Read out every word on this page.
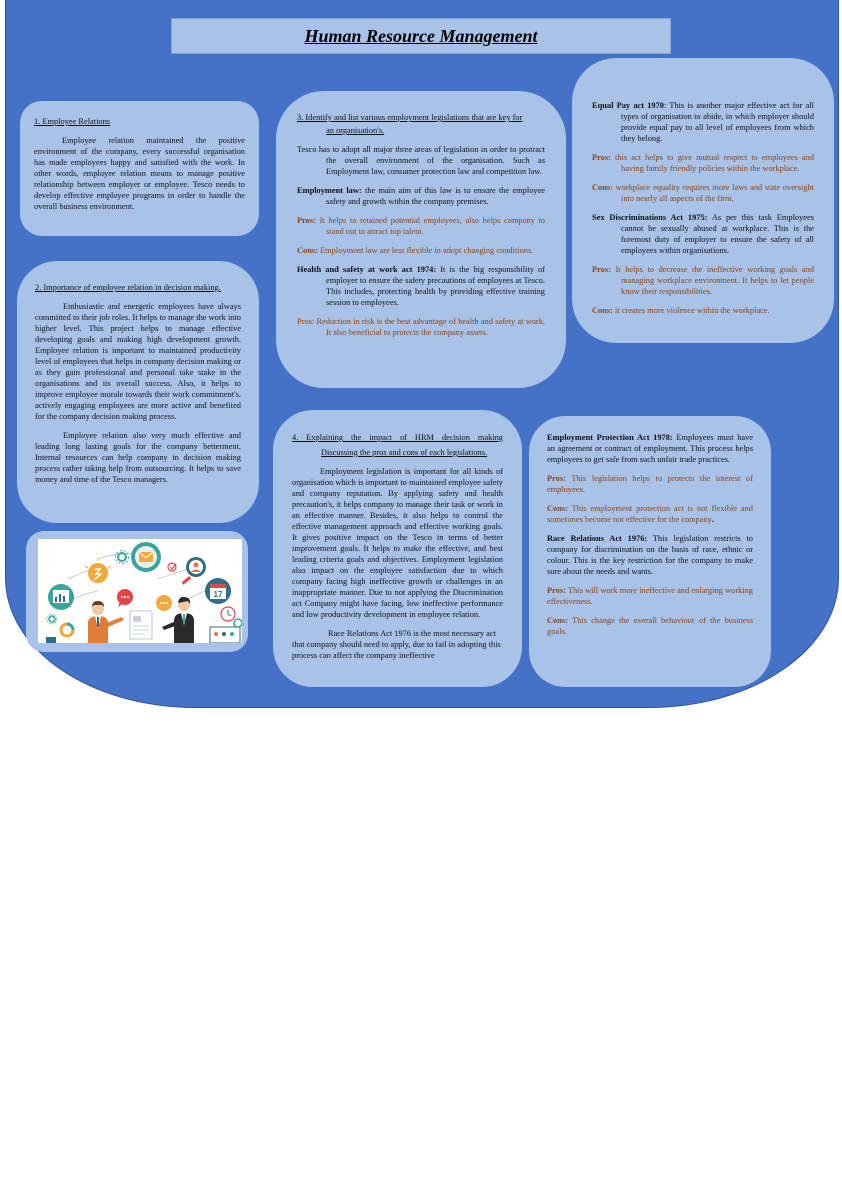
Human Resource Management
1. Employee Relations

Employee relation maintained the positive environment of the company, every successful organisation has made employees happy and satisfied with the work. In other words, employee relation means to manage positive relationship between employer or employee. Tesco needs to develop effective employee programs in order to handle the overall business environment.

2. Importance of employee relation in decision making.

Enthusiastic and energetic employees have always committed to their job roles. It helps to manage the work into higher level. This project helps to manage effective developing goals and making high development growth. Employee relation is important to maintained productivity level of employees that helps in company decision making or as they gain professional and personal take stake in the organisations and its overall success. Also, it helps to improve employee morale towards their work commitment's. actively engaging employees are more active and benefited for the company decision making process.

Employee relation also very much effective and leading long lasting goals for the company betterment. Internal resources can help company in decision making process rather taking help from outsourcing. It helps to save money and time of the Tesco managers.

3. Identify and list various employment legislations that are key for
an organisation's.

Tesco has to adopt all major three areas of legislation in order to protract the overall environment of the organisation. Such as Employment law, consumer protection law and competition law.

Employment law: the main aim of this law is to ensure the employee safety and growth within the company premises.

Pros: It helps to retained potential employees, also helps company to stand out to attract top talent.

Cons: Employment law are less flexible in adopt changing conditions.

Health and safety at work act 1974: It is the big responsibility of employer to ensure the safety precautions of employees at Tesco. This includes, protecting health by providing effective training session to employees.

Pros: Reduction in risk is the best advantage of health and safety at work. It also beneficial to protects the company assets.

Equal Pay act 1970: This is another major effective act for all types of organisation to abide, in which employer should provide equal pay to all level of employees from which they belong.

Pros: this act helps to give mutual respect to employees and having family friendly policies within the workplace.

Cons: workplace equality requires more laws and state oversight into nearly all aspects of the firm.

Sex Discriminations Act 1975: As per this task Employees cannot be sexually abused at workplace. This is the foremost duty of employer to ensure the safety of all employees within organisations.

Pros: It helps to decrease the ineffective working goals and managing workplace environment. It helps to let people know their responsibilities.

Cons: it creates more violence within the workplace.

4. Explaining the impact of HRM decision making
Discussing the pros and cons of each legislations.

Employment legislation is important for all kinds of organisation which is important to maintained employee safety and company reputation. By applying safety and health precaution's, it helps company to manage their task or work in an effective manner. Besides, it also helps to control the effective management approach and effective working goals. It gives positive impact on the Tesco in terms of better improvement goals. It helps to make the effective, and best leading criteria goals and objectives. Employment legislation also impact on the employee satisfaction due to which company facing high ineffective growth or challenges in an inappropriate manner. Due to not applying the Discrimination act Company might have facing, low ineffective performance and low productivity development in employee relation.

Race Relations Act 1976 is the most necessary act that company should need to apply, due to fail in adopting this process can affect the company ineffective

Employment Protection Act 1978: Employees must have an agreement or contract of employment. This process helps employees to get safe from such unfair trade practices.

Pros: This legislation helps to protects the interest of employees.

Cons: This employment protection act is not flexible and sometimes become not effective for the company.

Race Relations Act 1976: This legislation restricts to company for discrimination on the basis of race, ethnic or colour. This is the key restriction for the company to make sure about the needs and wants.

Pros: This will work more ineffective and enlarging working effectiveness.

Cons: This change the overall behaviour of the business goals.

17
